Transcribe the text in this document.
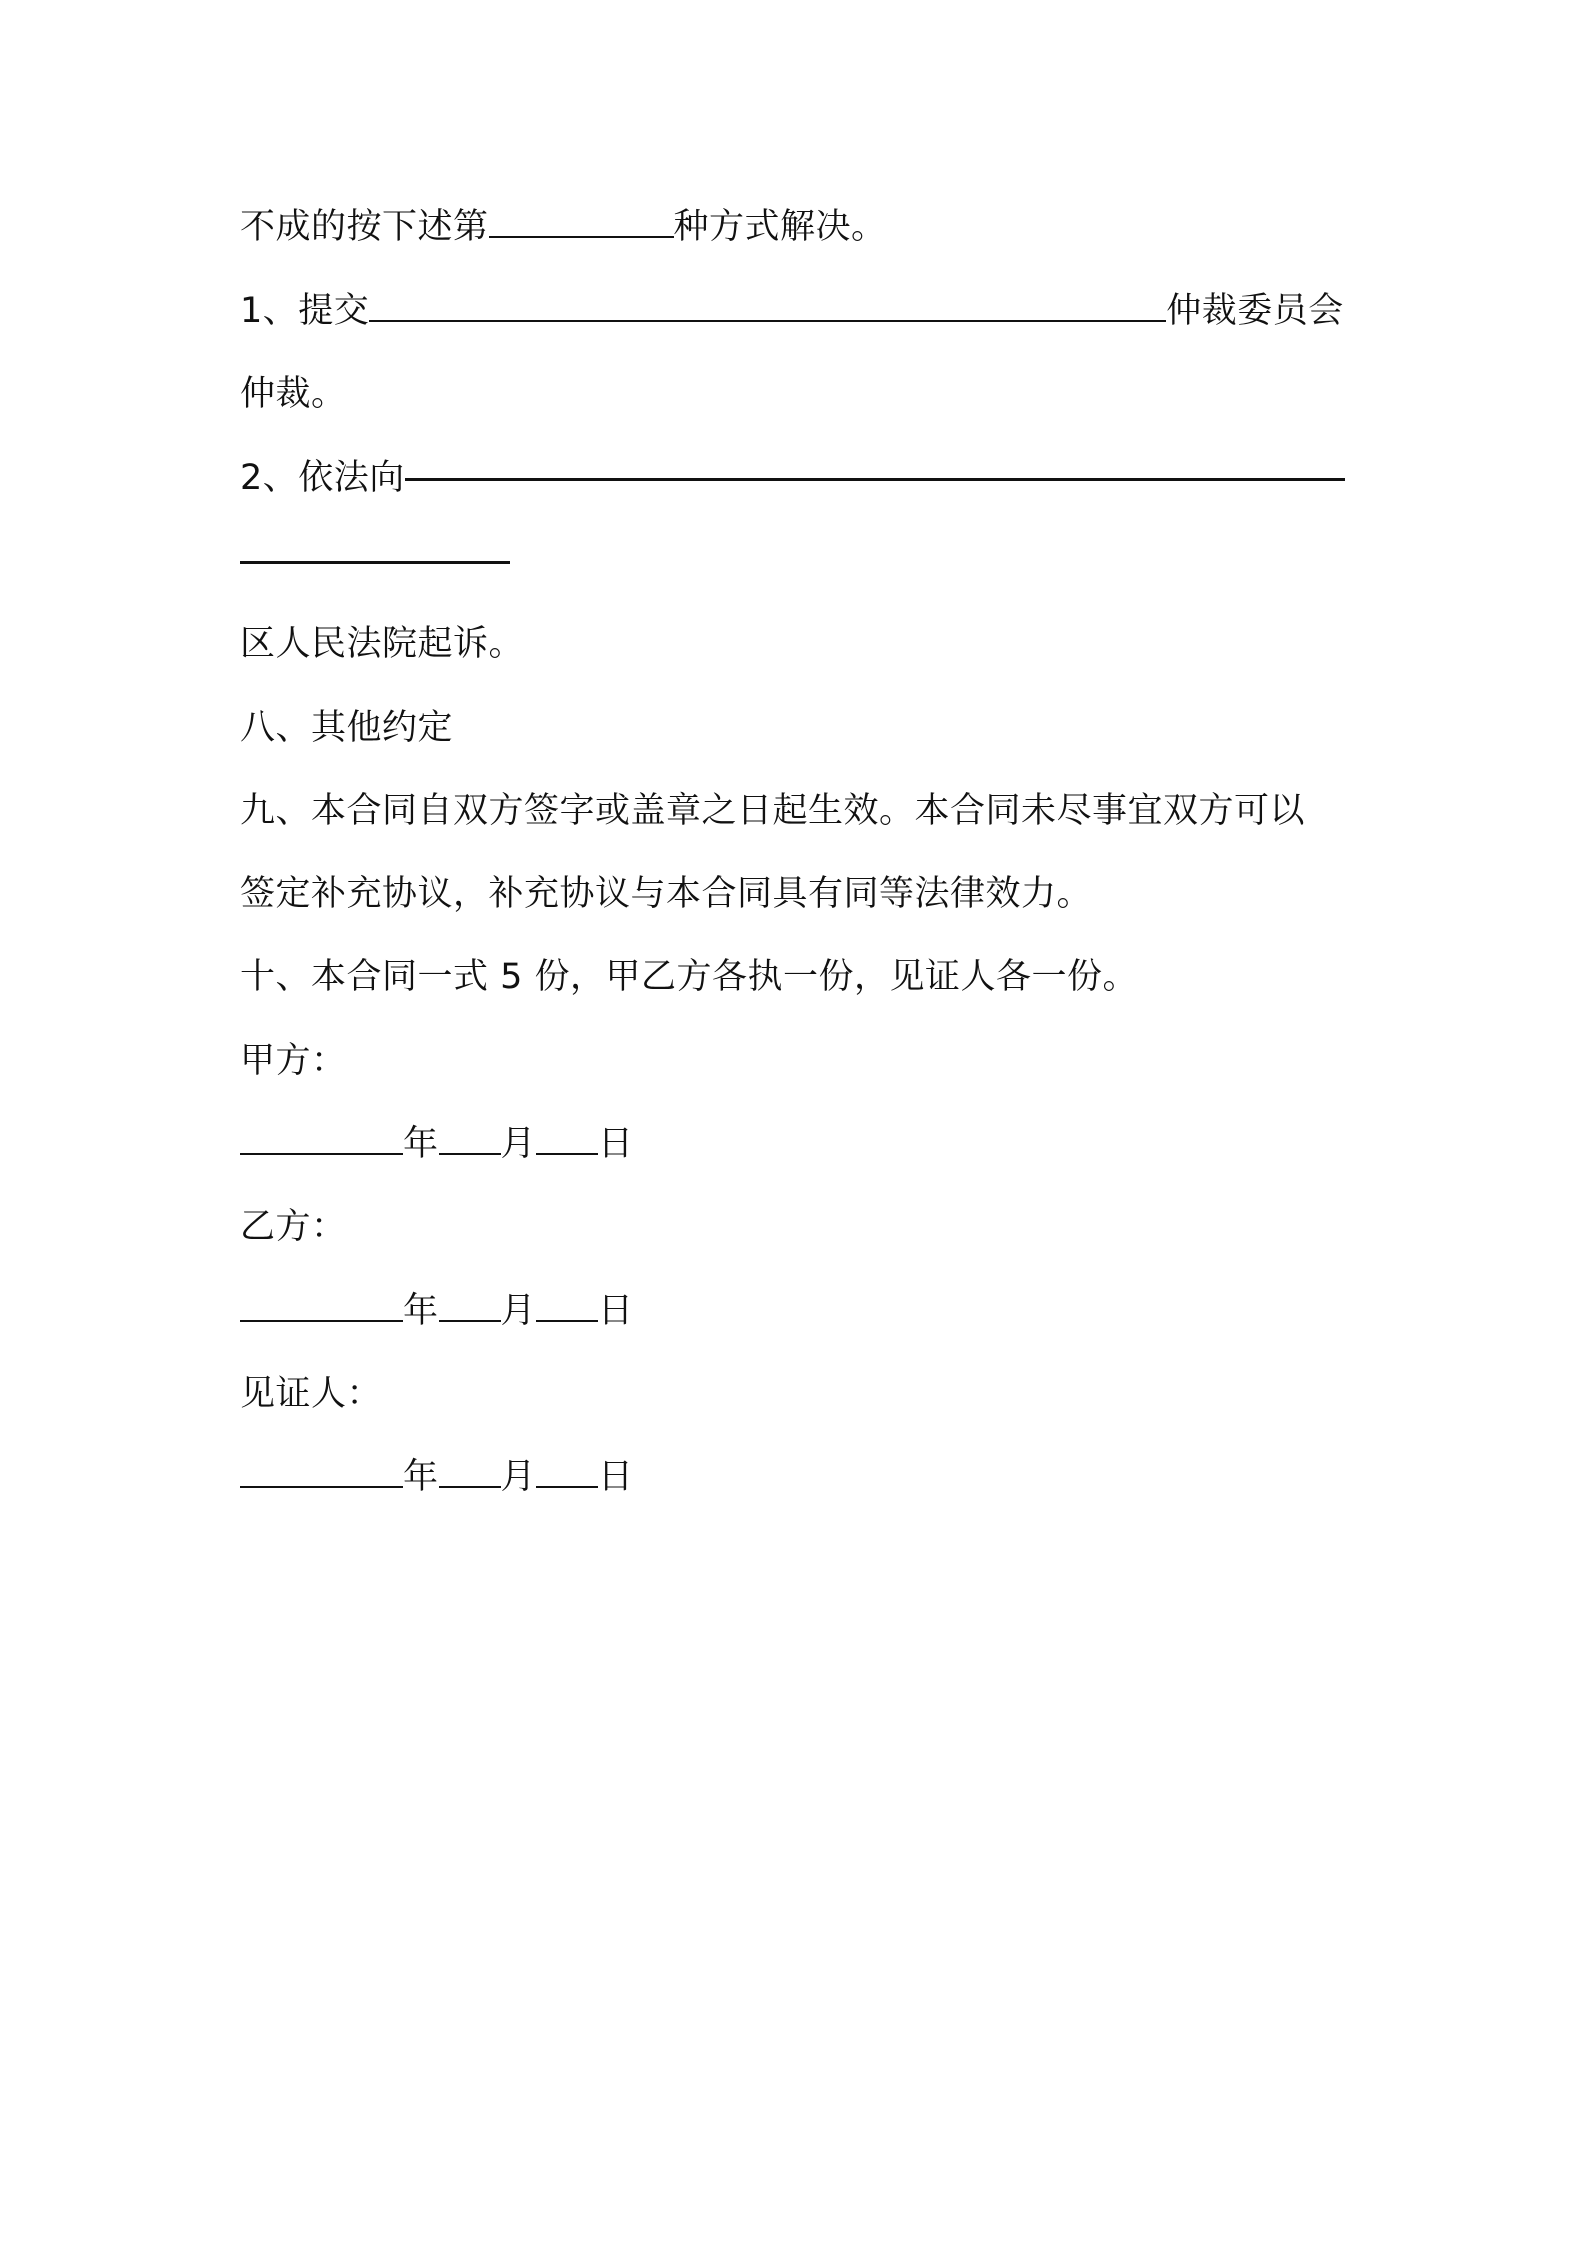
不成的按下述第	种方式解决。
1、提交	仲裁委员会
仲裁。
2、依法向
区人民法院起诉。
八、其他约定
九、本合同自双方签字或盖章之日起生效。本合同未尽事宜双方可以
签定补充协议，补充协议与本合同具有同等法律效力。
十、本合同一式 5 份，甲乙方各执一份，见证人各一份。
甲方：
年 月 日
乙方：
年 月 日
见证人：
年 月 日
